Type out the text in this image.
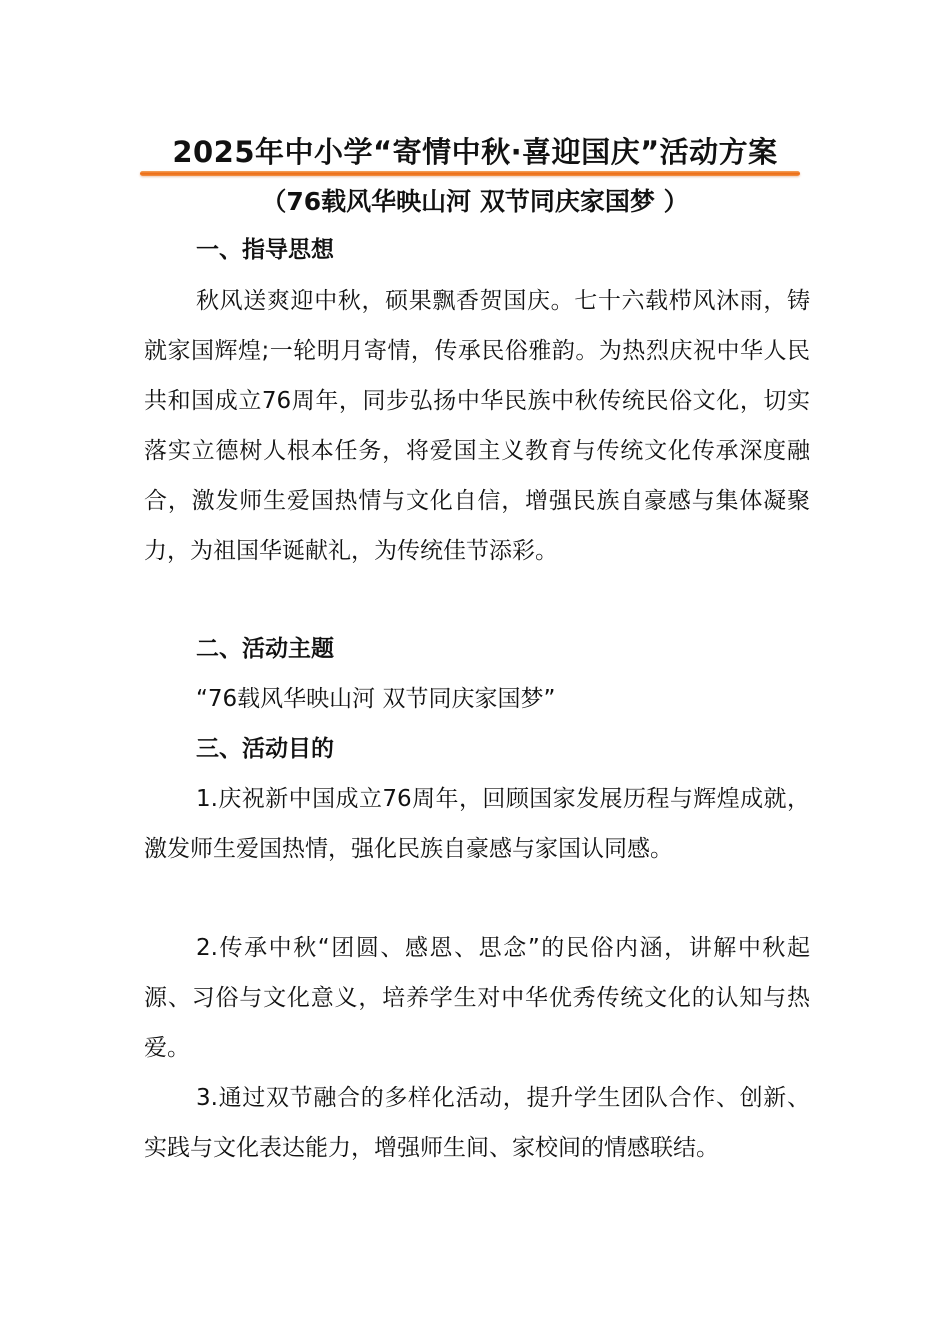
2025年中小学“寄情中秋·喜迎国庆”活动方案
（76载风华映山河 双节同庆家国梦 ）
一、指导思想

秋风送爽迎中秋，硕果飘香贺国庆。七十六载栉风沐雨，铸就家国辉煌;一轮明月寄情，传承民俗雅韵。为热烈庆祝中华人民共和国成立76周年，同步弘扬中华民族中秋传统民俗文化，切实落实立德树人根本任务，将爱国主义教育与传统文化传承深度融合，激发师生爱国热情与文化自信，增强民族自豪感与集体凝聚力，为祖国华诞献礼，为传统佳节添彩。

二、活动主题
“76载风华映山河 双节同庆家国梦”
三、活动目的

1.庆祝新中国成立76周年，回顾国家发展历程与辉煌成就，激发师生爱国热情，强化民族自豪感与家国认同感。

2.传承中秋“团圆、感恩、思念”的民俗内涵，讲解中秋起源、习俗与文化意义，培养学生对中华优秀传统文化的认知与热爱。

3.通过双节融合的多样化活动，提升学生团队合作、创新、实践与文化表达能力，增强师生间、家校间的情感联结。
